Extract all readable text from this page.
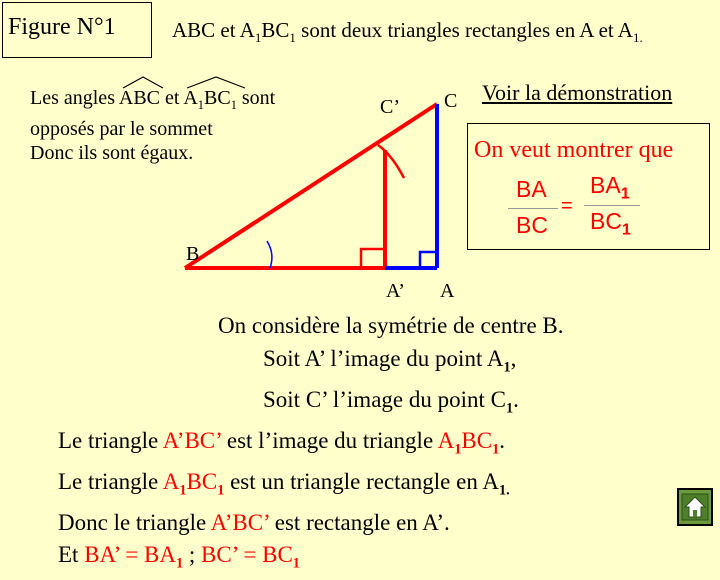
Figure N°1	ABC et $A_1BC_1$ sont deux triangles rectangles en A et $A_{1.}$
Les angles ABC
et $A_1BC_1$
sont
opposés par le sommet
Donc ils sont égaux.
C’ C
B
A’ A
Voir la démonstration
On veut montrer que
BA
BC
=
$BA_1$
$BC_1$
On considère la symétrie de centre B.
Soit A’ l’image du point $A_1$,
Soit C’ l’image du point $C_1$.
Le triangle A’BC’ est l’image du triangle $A_1BC_1$.
Le triangle $A_1BC_1$ est un triangle rectangle en $A_{1.}$
Donc le triangle A’BC’ est rectangle en A’.
Et BA’ = $BA_1$ ; BC’ = $BC_1$
